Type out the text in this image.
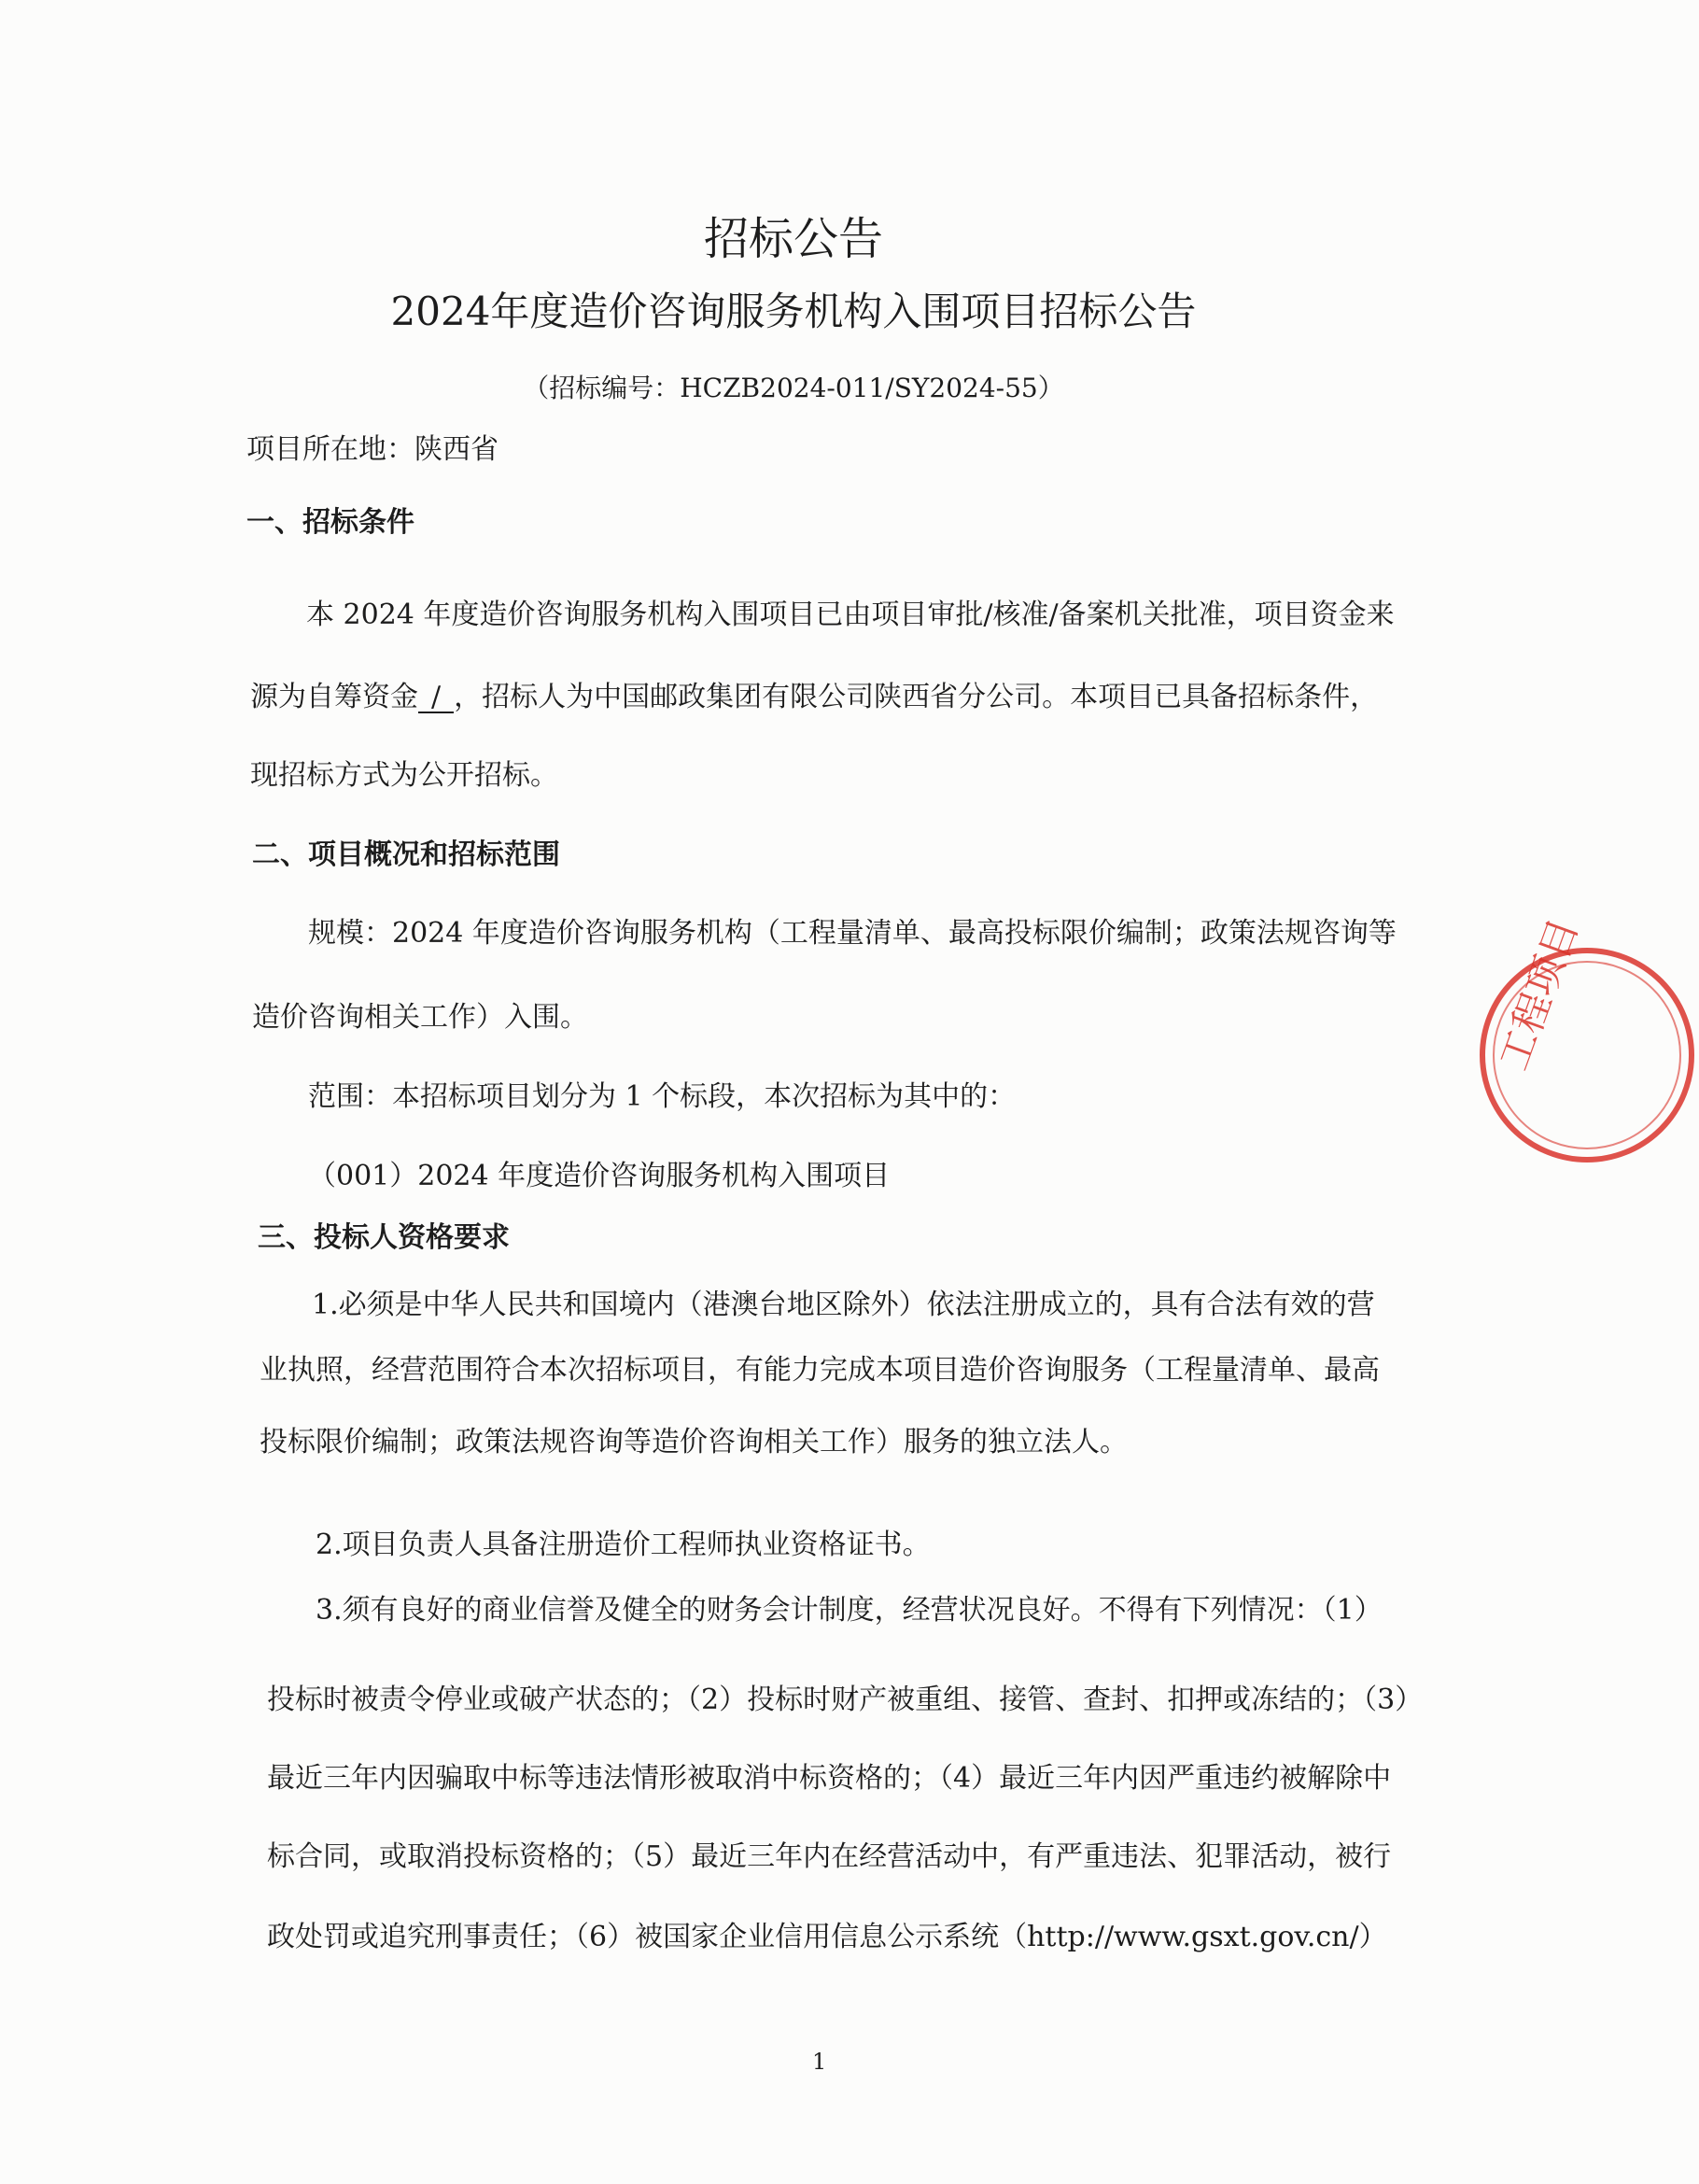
招标公告
2024年度造价咨询服务机构入围项目招标公告
（招标编号：HCZB2024-011/SY2024-55）
项目所在地：陕西省
一、招标条件
本 2024 年度造价咨询服务机构入围项目已由项目审批/核准/备案机关批准，项目资金来
源为自筹资金 / ，招标人为中国邮政集团有限公司陕西省分公司。本项目已具备招标条件，
现招标方式为公开招标。
二、项目概况和招标范围
规模：2024 年度造价咨询服务机构（工程量清单、最高投标限价编制；政策法规咨询等
造价咨询相关工作）入围。
范围：本招标项目划分为 1 个标段，本次招标为其中的：
（001）2024 年度造价咨询服务机构入围项目
三、投标人资格要求
1.必须是中华人民共和国境内（港澳台地区除外）依法注册成立的，具有合法有效的营
业执照，经营范围符合本次招标项目，有能力完成本项目造价咨询服务（工程量清单、最高
投标限价编制；政策法规咨询等造价咨询相关工作）服务的独立法人。
2.项目负责人具备注册造价工程师执业资格证书。
3.须有良好的商业信誉及健全的财务会计制度，经营状况良好。不得有下列情况：（1）
投标时被责令停业或破产状态的；（2）投标时财产被重组、接管、查封、扣押或冻结的；（3）
最近三年内因骗取中标等违法情形被取消中标资格的；（4）最近三年内因严重违约被解除中
标合同，或取消投标资格的；（5）最近三年内在经营活动中，有严重违法、犯罪活动，被行
政处罚或追究刑事责任；（6）被国家企业信用信息公示系统（http://www.gsxt.gov.cn/）
1
工程项目
